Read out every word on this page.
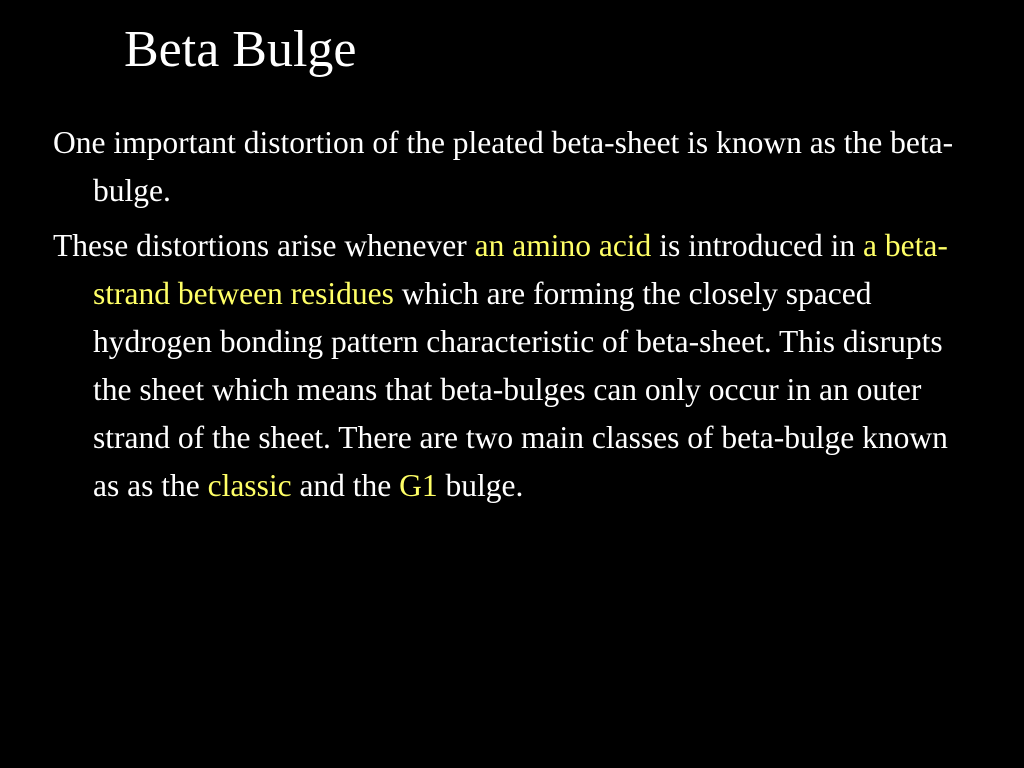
Beta Bulge

One important distortion of the pleated beta-sheet is known as the beta-bulge.

These distortions arise whenever an amino acid is introduced in a beta-strand between residues which are forming the closely spaced hydrogen bonding pattern characteristic of beta-sheet. This disrupts the sheet which means that beta-bulges can only occur in an outer strand of the sheet. There are two main classes of beta-bulge known as as the classic and the G1 bulge.
